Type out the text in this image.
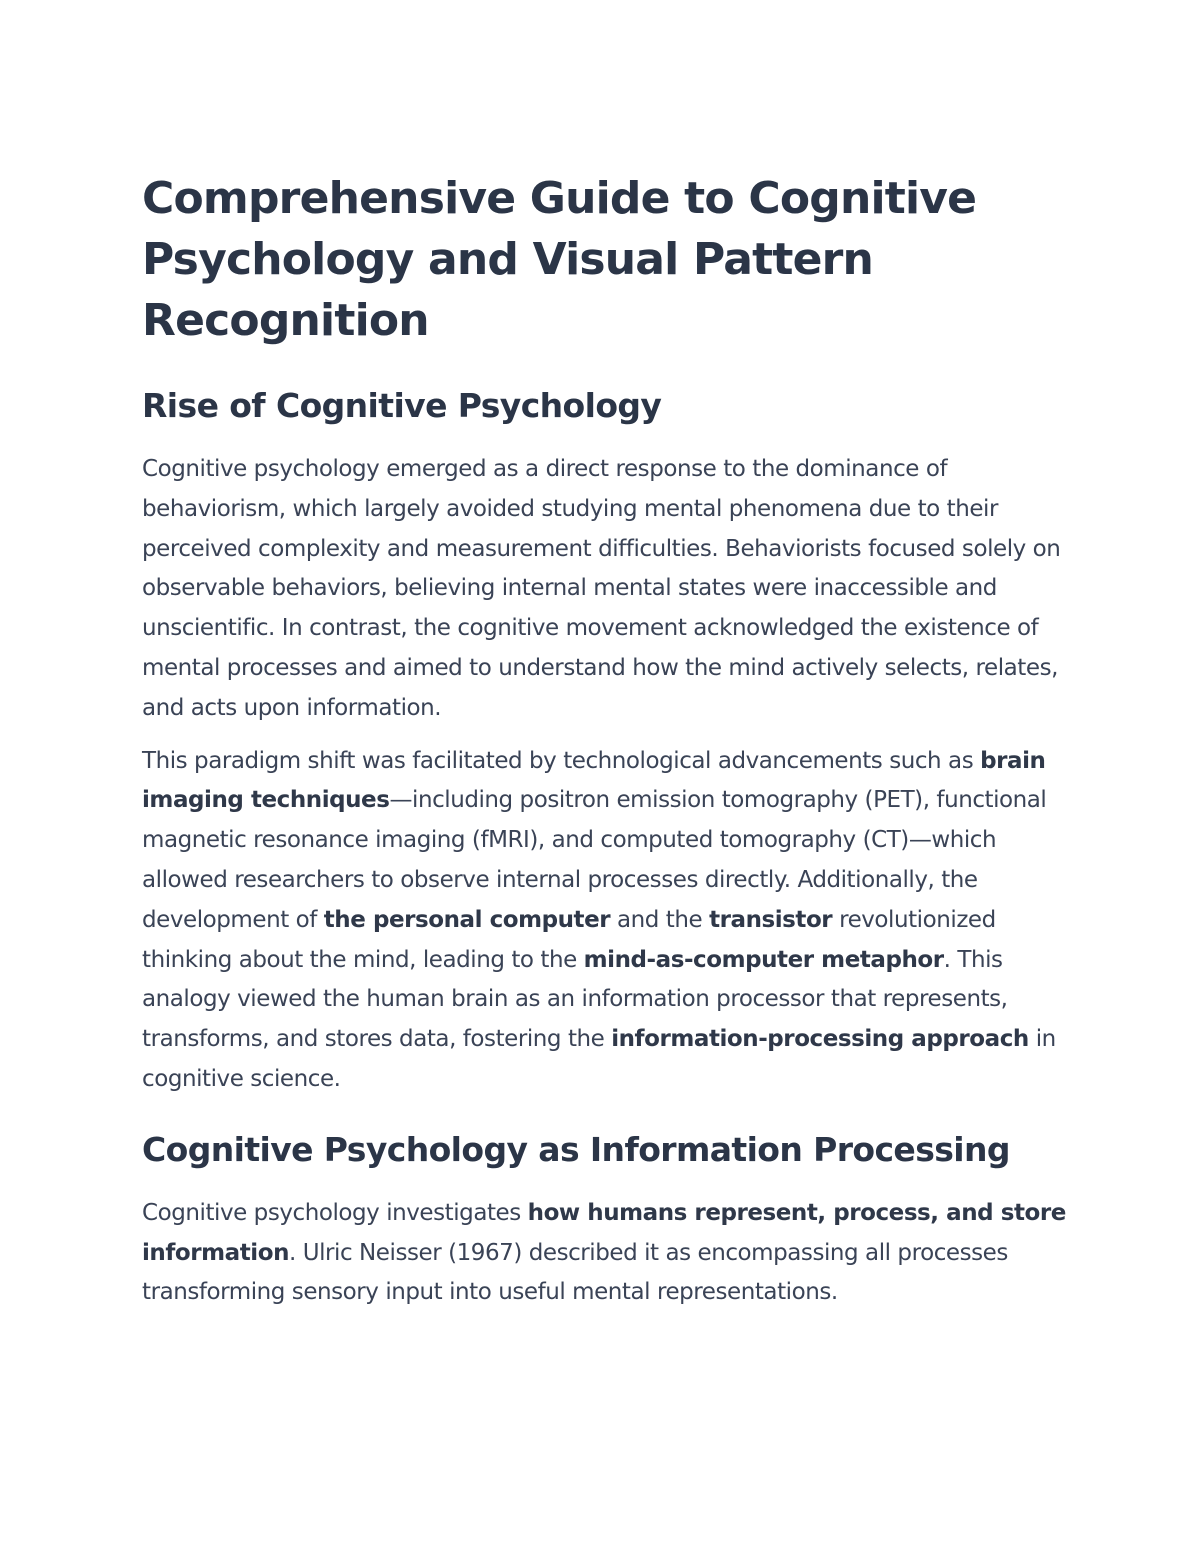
Comprehensive Guide to Cognitive Psychology and Visual Pattern Recognition
Rise of Cognitive Psychology

Cognitive psychology emerged as a direct response to the dominance of behaviorism, which largely avoided studying mental phenomena due to their perceived complexity and measurement difficulties. Behaviorists focused solely on observable behaviors, believing internal mental states were inaccessible and unscientific. In contrast, the cognitive movement acknowledged the existence of mental processes and aimed to understand how the mind actively selects, relates, and acts upon information.

This paradigm shift was facilitated by technological advancements such as brain imaging techniques—including positron emission tomography (PET), functional magnetic resonance imaging (fMRI), and computed tomography (CT)—which allowed researchers to observe internal processes directly. Additionally, the development of the personal computer and the transistor revolutionized thinking about the mind, leading to the mind-as-computer metaphor. This analogy viewed the human brain as an information processor that represents, transforms, and stores data, fostering the information-processing approach in cognitive science.

Cognitive Psychology as Information Processing

Cognitive psychology investigates how humans represent, process, and store information. Ulric Neisser (1967) described it as encompassing all processes transforming sensory input into useful mental representations.
